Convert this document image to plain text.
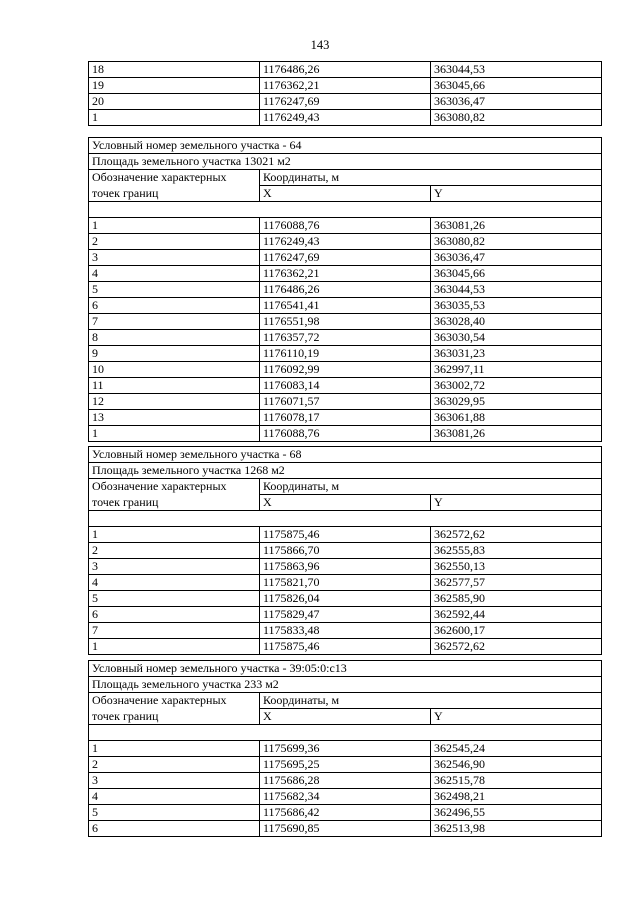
143
18	1176486,26	363044,53
19	1176362,21	363045,66
20	1176247,69	363036,47
1	1176249,43	363080,82
Условный номер земельного участка - 64		
Площадь земельного участка 13021 м2		
Обозначение характерных	Координаты, м	
точек границ	X	Y

1	1176088,76	363081,26
2	1176249,43	363080,82
3	1176247,69	363036,47
4	1176362,21	363045,66
5	1176486,26	363044,53
6	1176541,41	363035,53
7	1176551,98	363028,40
8	1176357,72	363030,54
9	1176110,19	363031,23
10	1176092,99	362997,11
11	1176083,14	363002,72
12	1176071,57	363029,95
13	1176078,17	363061,88
1	1176088,76	363081,26
Условный номер земельного участка - 68		
Площадь земельного участка 1268 м2		
Обозначение характерных	Координаты, м	
точек границ	X	Y

1	1175875,46	362572,62
2	1175866,70	362555,83
3	1175863,96	362550,13
4	1175821,70	362577,57
5	1175826,04	362585,90
6	1175829,47	362592,44
7	1175833,48	362600,17
1	1175875,46	362572,62
Условный номер земельного участка - 39:05:0:с13		
Площадь земельного участка 233 м2		
Обозначение характерных	Координаты, м	
точек границ	X	Y

1	1175699,36	362545,24
2	1175695,25	362546,90
3	1175686,28	362515,78
4	1175682,34	362498,21
5	1175686,42	362496,55
6	1175690,85	362513,98
